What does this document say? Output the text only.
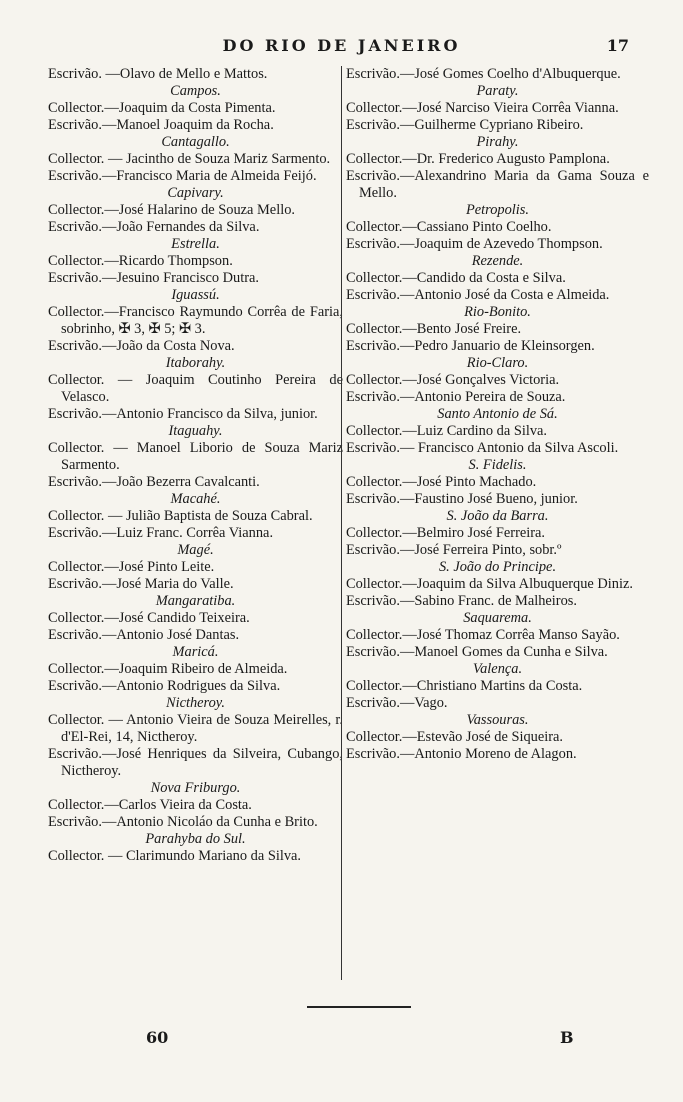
DO RIO DE JANEIRO	17
Escrivão. —Olavo de Mello e Mattos.
Campos.
Collector.—Joaquim da Costa Pimenta.
Escrivão.—Manoel Joaquim da Rocha.
Cantagallo.
Collector. — Jacintho de Souza Mariz Sarmento.
Escrivão.—Francisco Maria de Almeida Feijó.
Capivary.
Collector.—José Halarino de Souza Mello.
Escrivão.—João Fernandes da Silva.
Estrella.
Collector.—Ricardo Thompson.
Escrivão.—Jesuino Francisco Dutra.
Iguassú.
Collector.—Francisco Raymundo Corrêa de Faria, sobrinho, ✠ 3, ✠ 5; ✠ 3.
Escrivão.—João da Costa Nova.
Itaborahy.
Collector. — Joaquim Coutinho Pereira de Velasco.
Escrivão.—Antonio Francisco da Silva, junior.
Itaguahy.
Collector. — Manoel Liborio de Souza Mariz Sarmento.
Escrivão.—João Bezerra Cavalcanti.
Macahé.
Collector. — Julião Baptista de Souza Cabral.
Escrivão.—Luiz Franc. Corrêa Vianna.
Magé.
Collector.—José Pinto Leite.
Escrivão.—José Maria do Valle.
Mangaratiba.
Collector.—José Candido Teixeira.
Escrivão.—Antonio José Dantas.
Maricá.
Collector.—Joaquim Ribeiro de Almeida.
Escrivão.—Antonio Rodrigues da Silva.
Nictheroy.
Collector. — Antonio Vieira de Souza Meirelles, r. d'El-Rei, 14, Nictheroy.
Escrivão.—José Henriques da Silveira, Cubango, Nictheroy.
Nova Friburgo.
Collector.—Carlos Vieira da Costa.
Escrivão.—Antonio Nicoláo da Cunha e Brito.
Parahyba do Sul.
Collector. — Clarimundo Mariano da Silva.
Escrivão.—José Gomes Coelho d'Albuquerque.
Paraty.
Collector.—José Narciso Vieira Corrêa Vianna.
Escrivão.—Guilherme Cypriano Ribeiro.
Pirahy.
Collector.—Dr. Frederico Augusto Pamplona.
Escrivão.—Alexandrino Maria da Gama Souza e Mello.
Petropolis.
Collector.—Cassiano Pinto Coelho.
Escrivão.—Joaquim de Azevedo Thompson.
Rezende.
Collector.—Candido da Costa e Silva.
Escrivão.—Antonio José da Costa e Almeida.
Rio-Bonito.
Collector.—Bento José Freire.
Escrivão.—Pedro Januario de Kleinsorgen.
Rio-Claro.
Collector.—José Gonçalves Victoria.
Escrivão.—Antonio Pereira de Souza.
Santo Antonio de Sá.
Collector.—Luiz Cardino da Silva.
Escrivão.— Francisco Antonio da Silva Ascoli.
S. Fidelis.
Collector.—José Pinto Machado.
Escrivão.—Faustino José Bueno, junior.
S. João da Barra.
Collector.—Belmiro José Ferreira.
Escrivão.—José Ferreira Pinto, sobr.º
S. João do Principe.
Collector.—Joaquim da Silva Albuquerque Diniz.
Escrivão.—Sabino Franc. de Malheiros.
Saquarema.
Collector.—José Thomaz Corrêa Manso Sayão.
Escrivão.—Manoel Gomes da Cunha e Silva.
Valença.
Collector.—Christiano Martins da Costa.
Escrivão.—Vago.
Vassouras.
Collector.—Estevão José de Siqueira.
Escrivão.—Antonio Moreno de Alagon.
60	B
